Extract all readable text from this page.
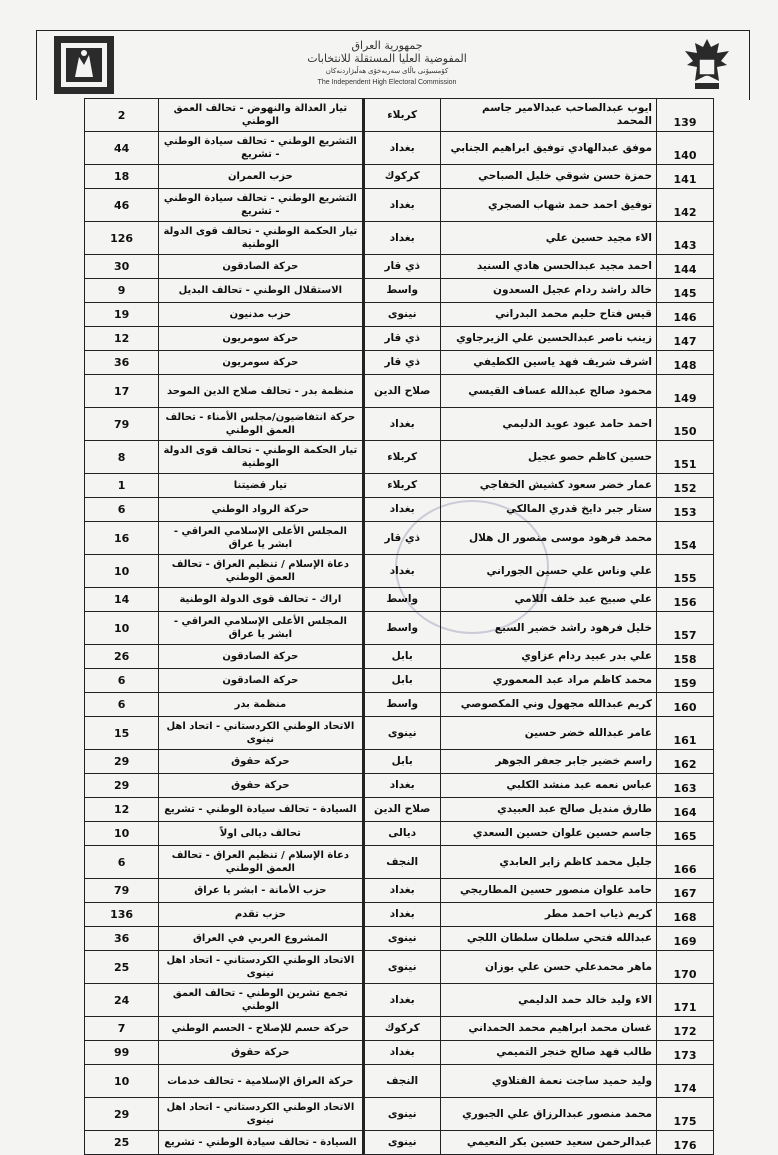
جمهورية العراق
المفوضية العليا المستقلة للانتخابات
كۆمسیۆنی باڵای سەربەخۆی هەڵبژاردنەکان
The Independent High Electoral Commission
139	ايوب عبدالصاحب عبدالامير جاسم المحمد	كربلاء	تيار العدالة والنهوض - تحالف العمق الوطني	2
140	موفق عبدالهادي توفيق ابراهيم الجنابي	بغداد	التشريع الوطني - تحالف سيادة الوطني - تشريع	44
141	حمزة حسن شوقي خليل الصباحي	كركوك	حزب العمران	18
142	توفيق احمد حمد شهاب الصجري	بغداد	التشريع الوطني - تحالف سيادة الوطني - تشريع	46
143	الاء مجيد حسين علي	بغداد	تيار الحكمة الوطني - تحالف قوى الدولة الوطنية	126
144	احمد مجيد عبدالحسن هادي السنيد	ذي قار	حركة الصادقون	30
145	خالد راشد ردام عجيل السعدون	واسط	الاستقلال الوطني - تحالف البديل	9
146	قيس فتاح حليم محمد البدراني	نينوى	حزب مدنيون	19
147	زينب ناصر عبدالحسين علي الزيرجاوي	ذي قار	حركة سومريون	12
148	اشرف شريف فهد ياسين الكطيفي	ذي قار	حركة سومريون	36
149	محمود صالح عبدالله عساف القيسي	صلاح الدين	منظمة بدر - تحالف صلاح الدين الموحد	17
150	احمد حامد عبود عويد الدليمي	بغداد	حركة انتفاضيون/مجلس الأمناء - تحالف العمق الوطني	79
151	حسين كاظم حصو عجيل	كربلاء	تيار الحكمة الوطني - تحالف قوى الدولة الوطنية	8
152	عمار خضر سعود كشيش الخفاجي	كربلاء	تيار قضيتنا	1
153	ستار جبر دايخ قدري المالكي	بغداد	حركة الرواد الوطني	6
154	محمد فرهود موسى منصور ال هلال	ذي قار	المجلس الأعلى الإسلامي العراقي - ابشر يا عراق	16
155	علي وناس علي حسين الجوراني	بغداد	دعاة الإسلام / تنظيم العراق - تحالف العمق الوطني	10
156	علي صبيح عبد خلف اللامي	واسط	اراك - تحالف قوى الدولة الوطنية	14
157	خليل فرهود راشد خضير السبع	واسط	المجلس الأعلى الإسلامي العراقي - ابشر يا عراق	10
158	علي بدر عبيد ردام عزاوي	بابل	حركة الصادقون	26
159	محمد كاظم مراد عبد المعموري	بابل	حركة الصادقون	6
160	كريم عبدالله مجهول وني المكصوصي	واسط	منظمة بدر	6
161	عامر عبدالله خضر حسين	نينوى	الاتحاد الوطني الكردستاني - اتحاد اهل نينوى	15
162	راسم خضير جابر جعفر الجوهر	بابل	حركة حقوق	29
163	عباس نعمه عبد منشد الكلبي	بغداد	حركة حقوق	29
164	طارق منديل صالح عبد العبيدي	صلاح الدين	السيادة - تحالف سيادة الوطني - تشريع	12
165	جاسم حسين علوان حسين السعدي	ديالى	تحالف ديالى اولاً	10
166	جليل محمد كاظم زاير العابدي	النجف	دعاة الإسلام / تنظيم العراق - تحالف العمق الوطني	6
167	حامد علوان منصور حسين المطاريجي	بغداد	حزب الأمانة - ابشر يا عراق	79
168	كريم ذياب احمد مطر	بغداد	حزب تقدم	136
169	عبدالله فتحي سلطان سلطان اللجي	نينوى	المشروع العربي في العراق	36
170	ماهر محمدعلي حسن علي بوزان	نينوى	الاتحاد الوطني الكردستاني - اتحاد اهل نينوى	25
171	الاء وليد خالد حمد الدليمي	بغداد	تجمع تشرين الوطني - تحالف العمق الوطني	24
172	غسان محمد ابراهيم محمد الحمداني	كركوك	حركة حسم للإصلاح - الحسم الوطني	7
173	طالب فهد صالح خنجر التميمي	بغداد	حركة حقوق	99
174	وليد حميد ساجت نعمة الفتلاوي	النجف	حركة العراق الإسلامية - تحالف خدمات	10
175	محمد منصور عبدالرزاق علي الجبوري	نينوى	الاتحاد الوطني الكردستاني - اتحاد اهل نينوى	29
176	عبدالرحمن سعيد حسين بكر النعيمي	نينوى	السيادة - تحالف سيادة الوطني - تشريع	25
